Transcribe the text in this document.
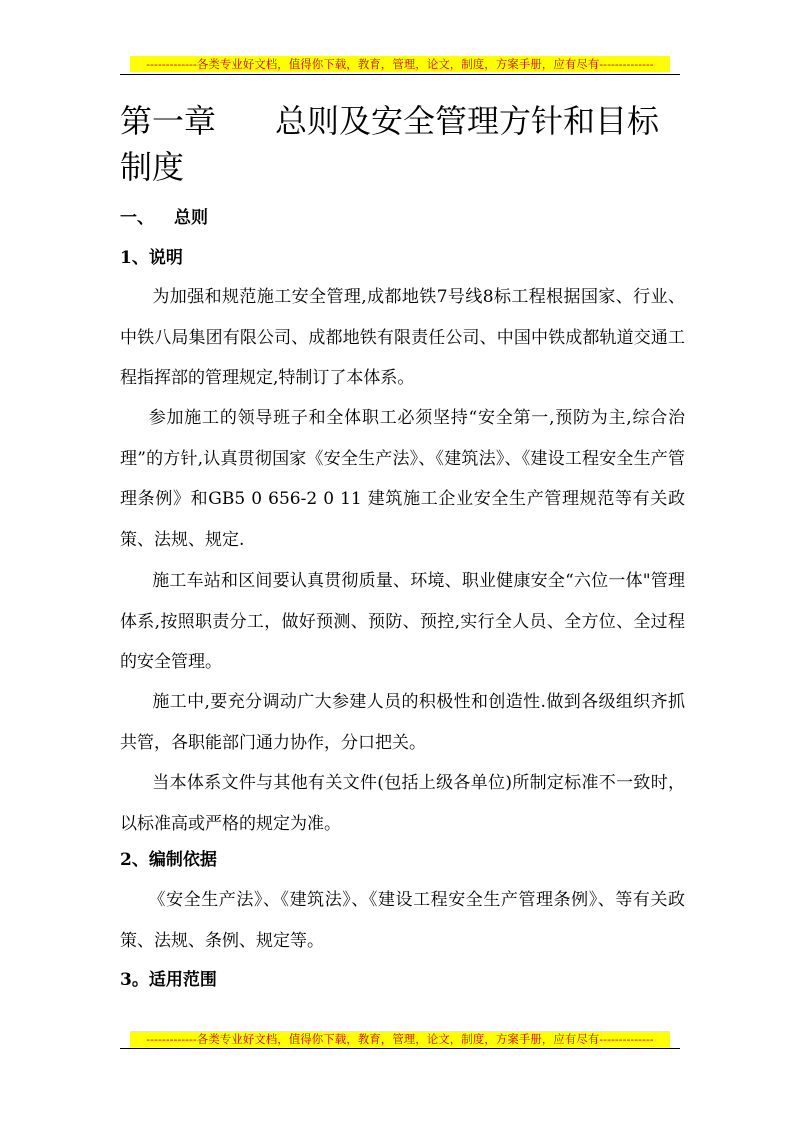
-------------各类专业好文档，值得你下载，教育，管理，论文，制度，方案手册，应有尽有--------------
第一章 总则及安全管理方针和目标制度
一、 总则
1、说明

为加强和规范施工安全管理,成都地铁7号线8标工程根据国家、行业、中铁八局集团有限公司、成都地铁有限责任公司、中国中铁成都轨道交通工程指挥部的管理规定,特制订了本体系。

参加施工的领导班子和全体职工必须坚持“安全第一,预防为主,综合治理”的方针,认真贯彻国家《安全生产法》、《建筑法》、《建设工程安全生产管理条例》和GB5 0 656-2 0 11 建筑施工企业安全生产管理规范等有关政策、法规、规定.

施工车站和区间要认真贯彻质量、环境、职业健康安全“六位一体"管理体系,按照职责分工，做好预测、预防、预控,实行全人员、全方位、全过程的安全管理。

施工中,要充分调动广大参建人员的积极性和创造性.做到各级组织齐抓共管，各职能部门通力协作，分口把关。

当本体系文件与其他有关文件(包括上级各单位)所制定标准不一致时，以标准高或严格的规定为准。

2、编制依据

《安全生产法》、《建筑法》、《建设工程安全生产管理条例》、等有关政策、法规、条例、规定等。

3。适用范围
-------------各类专业好文档，值得你下载，教育，管理，论文，制度，方案手册，应有尽有--------------
